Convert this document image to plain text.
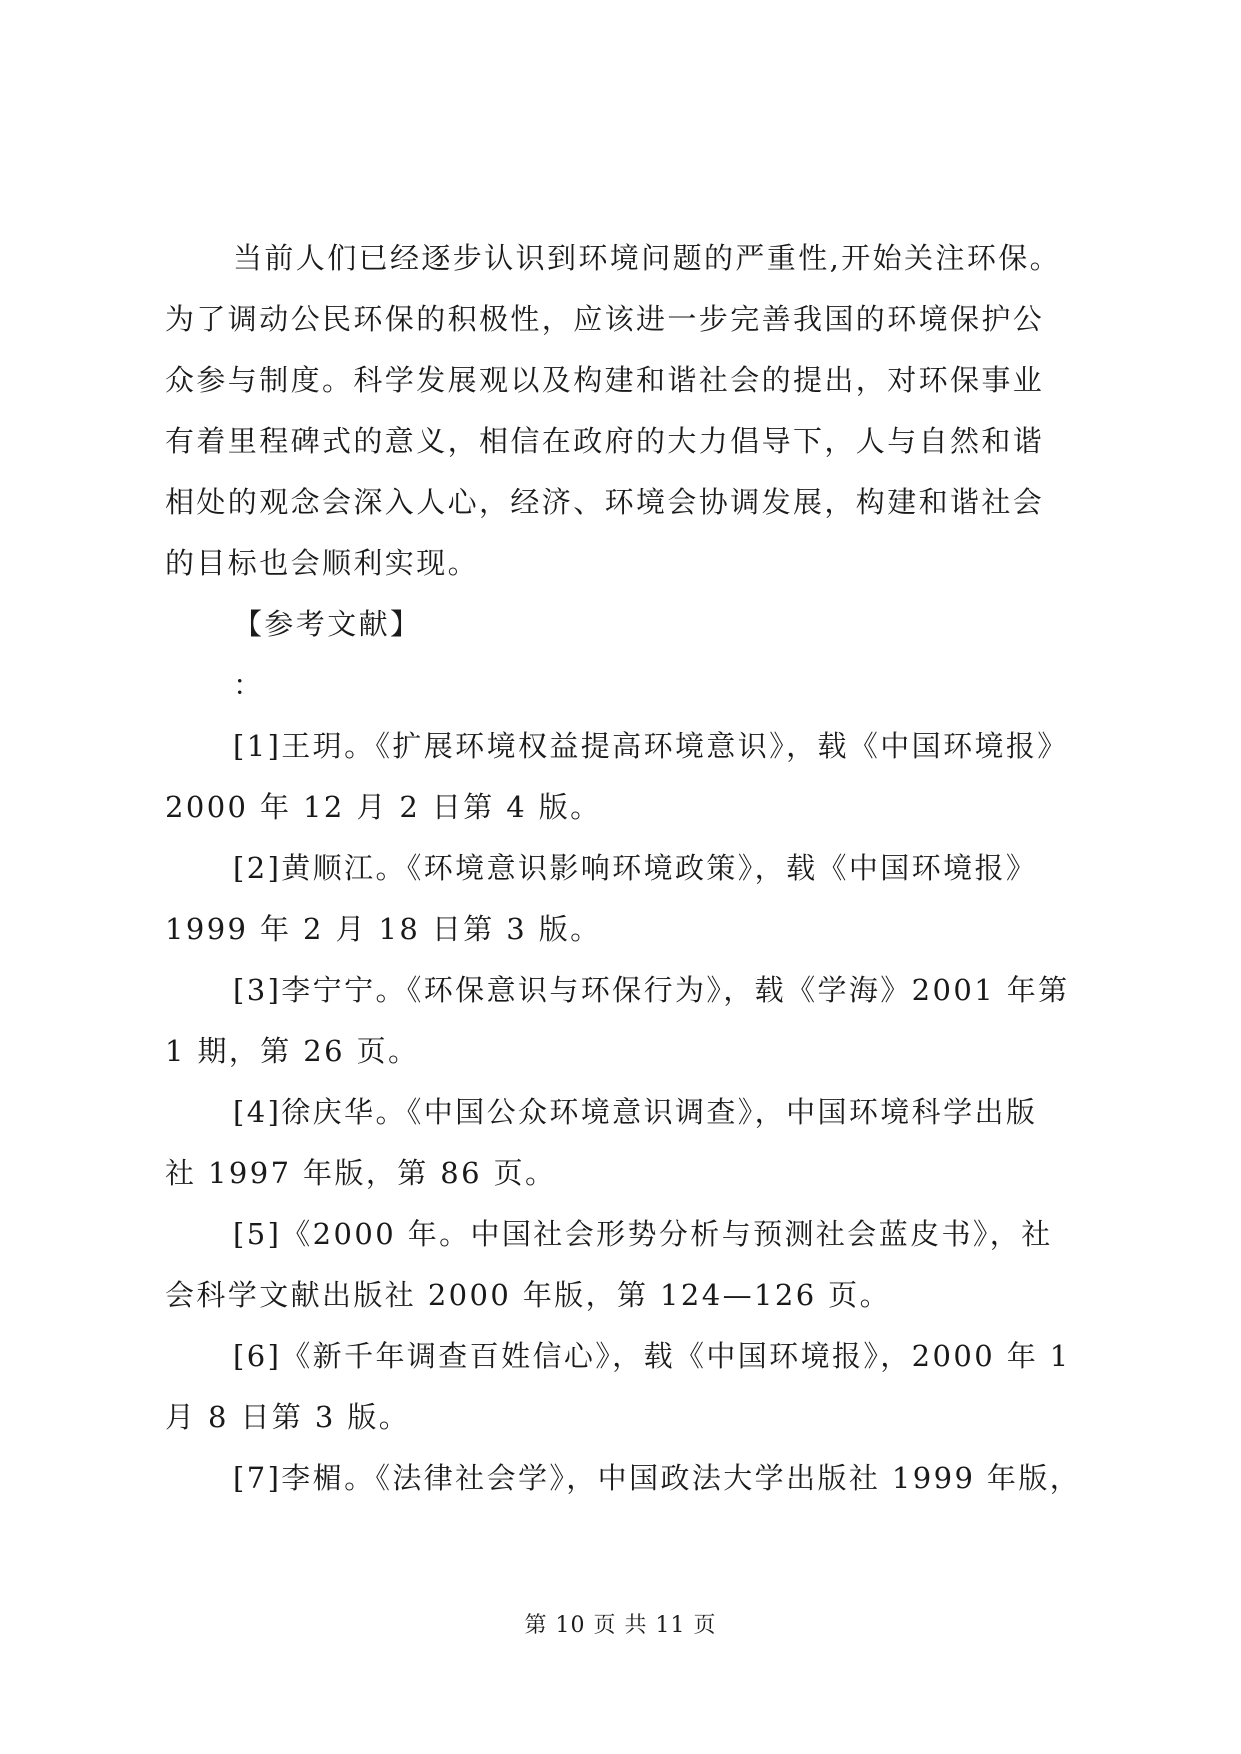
当前人们已经逐步认识到环境问题的严重性,开始关注环保。
为了调动公民环保的积极性，应该进一步完善我国的环境保护公
众参与制度。科学发展观以及构建和谐社会的提出，对环保事业
有着里程碑式的意义，相信在政府的大力倡导下，人与自然和谐
相处的观念会深入人心，经济、环境会协调发展，构建和谐社会
的目标也会顺利实现。
【参考文献】
：
[1]王玥。《扩展环境权益提高环境意识》，载《中国环境报》
2000 年 12 月 2 日第 4 版。
[2]黄顺江。《环境意识影响环境政策》，载《中国环境报》
1999 年 2 月 18 日第 3 版。
[3]李宁宁。《环保意识与环保行为》，载《学海》2001 年第
1 期，第 26 页。
[4]徐庆华。《中国公众环境意识调查》，中国环境科学出版
社 1997 年版，第 86 页。
[5]《2000 年。中国社会形势分析与预测社会蓝皮书》，社
会科学文献出版社 2000 年版，第 124—126 页。
[6]《新千年调查百姓信心》，载《中国环境报》，2000 年 1
月 8 日第 3 版。
[7]李楣。《法律社会学》，中国政法大学出版社 1999 年版，
第 10 页 共 11 页
